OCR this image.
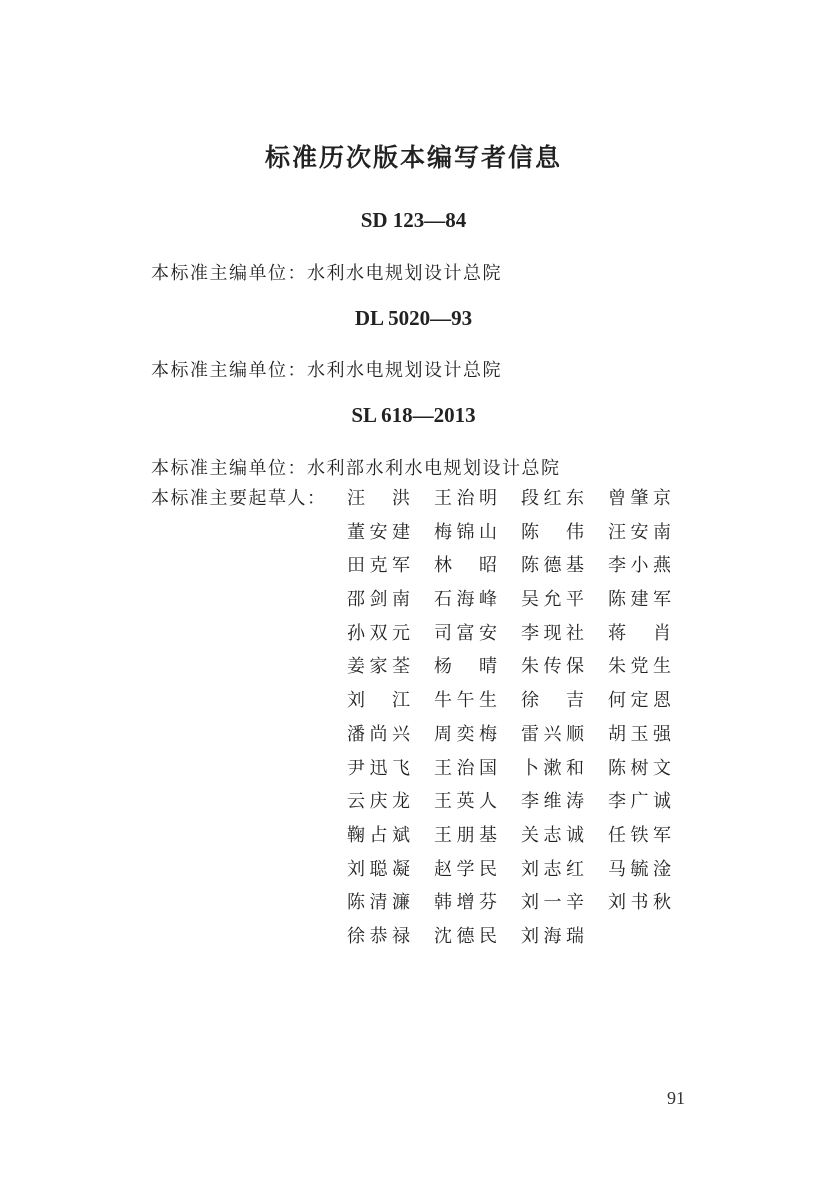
标准历次版本编写者信息
SD 123—84
本标准主编单位：水利水电规划设计总院
DL 5020—93
本标准主编单位：水利水电规划设计总院
SL 618—2013
本标准主编单位：水利部水利水电规划设计总院
本标准主要起草人： 汪 洪 王 治 明 段 红 东 曾 肇 京
董 安 建 梅 锦 山 陈 伟 汪 安 南
田 克 军 林 昭 陈 德 基 李 小 燕
邵 剑 南 石 海 峰 吴 允 平 陈 建 军
孙 双 元 司 富 安 李 现 社 蒋 肖
姜 家 荃 杨 晴 朱 传 保 朱 党 生
刘 江 牛 午 生 徐 吉 何 定 恩
潘 尚 兴 周 奕 梅 雷 兴 顺 胡 玉 强
尹 迅 飞 王 治 国 卜 漱 和 陈 树 文
云 庆 龙 王 英 人 李 维 涛 李 广 诚
鞠 占 斌 王 朋 基 关 志 诚 任 铁 军
刘 聪 凝 赵 学 民 刘 志 红 马 毓 淦
陈 清 濂 韩 增 芬 刘 一 辛 刘 书 秋
徐 恭 禄 沈 德 民 刘 海 瑞
91
